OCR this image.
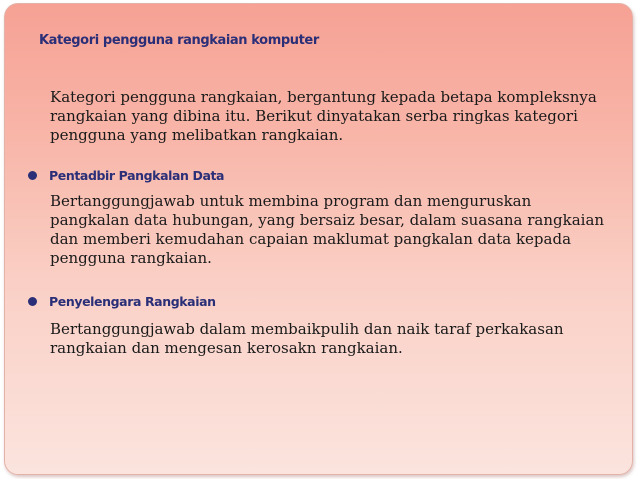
Kategori pengguna rangkaian komputer

Kategori pengguna rangkaian, bergantung kepada betapa kompleksnya rangkaian yang dibina itu. Berikut dinyatakan serba ringkas kategori pengguna yang melibatkan rangkaian.

Pentadbir Pangkalan Data

Bertanggungjawab untuk membina program dan menguruskan pangkalan data hubungan, yang bersaiz besar, dalam suasana rangkaian dan memberi kemudahan capaian maklumat pangkalan data kepada pengguna rangkaian.

Penyelengara Rangkaian

Bertanggungjawab dalam membaikpulih dan naik taraf perkakasan rangkaian dan mengesan kerosakn rangkaian.
